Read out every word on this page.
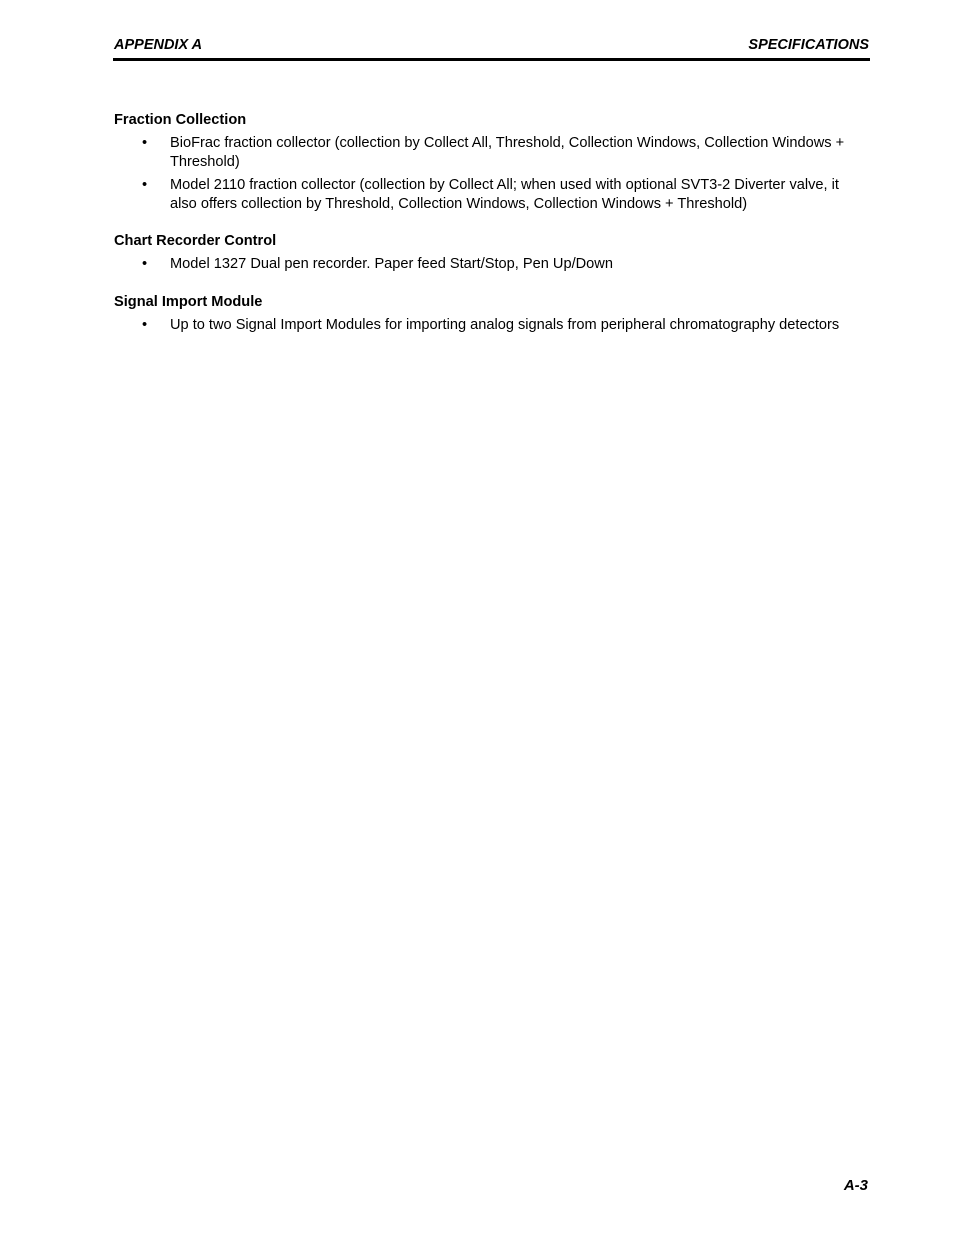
APPENDIX A	SPECIFICATIONS
Fraction Collection
• BioFrac fraction collector (collection by Collect All, Threshold, Collection Windows, Collection Windows + Threshold)
• Model 2110 fraction collector (collection by Collect All; when used with optional SVT3-2 Diverter valve, it also offers collection by Threshold, Collection Windows, Collection Windows + Threshold)
Chart Recorder Control
• Model 1327 Dual pen recorder. Paper feed Start/Stop, Pen Up/Down
Signal Import Module
• Up to two Signal Import Modules for importing analog signals from peripheral chromatography detectors
A-3
